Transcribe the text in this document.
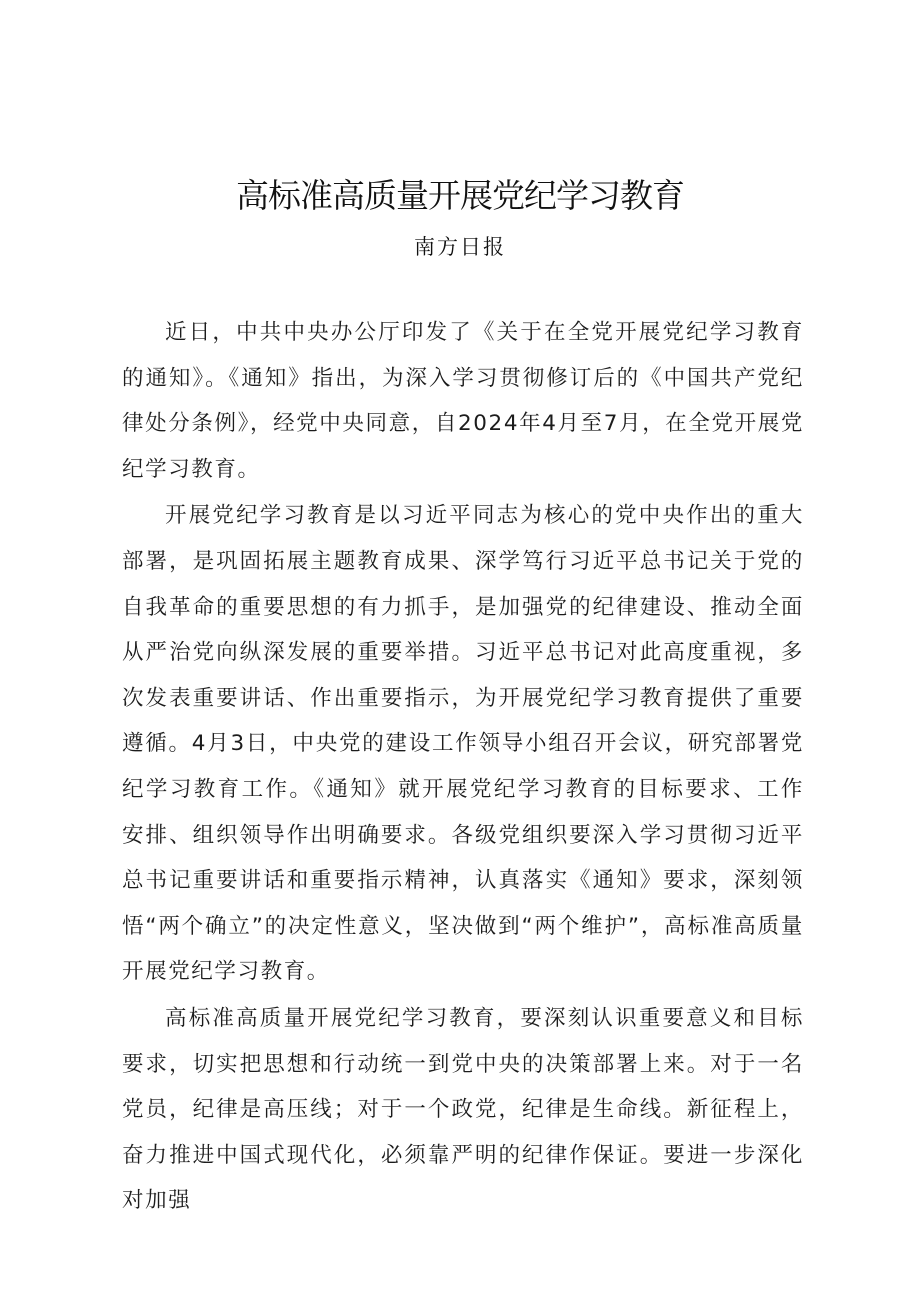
高标准高质量开展党纪学习教育
南方日报

近日，中共中央办公厅印发了《关于在全党开展党纪学习教育的通知》。《通知》指出，为深入学习贯彻修订后的《中国共产党纪律处分条例》，经党中央同意，自2024年4月至7月，在全党开展党纪学习教育。

开展党纪学习教育是以习近平同志为核心的党中央作出的重大部署，是巩固拓展主题教育成果、深学笃行习近平总书记关于党的自我革命的重要思想的有力抓手，是加强党的纪律建设、推动全面从严治党向纵深发展的重要举措。习近平总书记对此高度重视，多次发表重要讲话、作出重要指示，为开展党纪学习教育提供了重要遵循。4月3日，中央党的建设工作领导小组召开会议，研究部署党纪学习教育工作。《通知》就开展党纪学习教育的目标要求、工作安排、组织领导作出明确要求。各级党组织要深入学习贯彻习近平总书记重要讲话和重要指示精神，认真落实《通知》要求，深刻领悟“两个确立”的决定性意义，坚决做到“两个维护”，高标准高质量开展党纪学习教育。

高标准高质量开展党纪学习教育，要深刻认识重要意义和目标要求，切实把思想和行动统一到党中央的决策部署上来。对于一名党员，纪律是高压线；对于一个政党，纪律是生命线。新征程上，奋力推进中国式现代化，必须靠严明的纪律作保证。要进一步深化对加强
